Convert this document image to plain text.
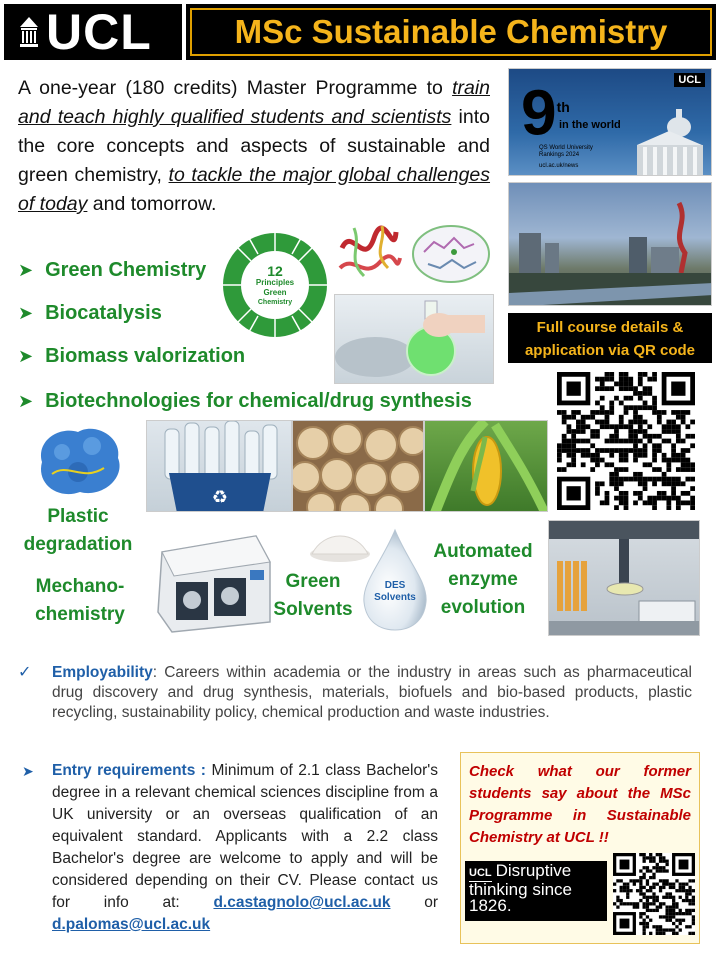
UCL	MSc Sustainable Chemistry
A one-year (180 credits) Master Programme to train and teach highly qualified students and scientists into the core concepts and aspects of sustainable and green chemistry, to tackle the major global challenges of today and tomorrow.
UCL
9th
in the world
QS World University Rankings 2024
ucl.ac.uk/news
Full course details & application via QR code
➤ Green Chemistry
➤ Biocatalysis
➤ Biomass valorization
➤ Biotechnologies for chemical/drug synthesis
12
Principles
Green
Chemistry
♻
Plastic degradation
Mechano-chemistry
Green Solvents
DES Solvents
Automated enzyme evolution
✓	Employability: Careers within academia or the industry in areas such as pharmaceutical drug discovery and drug synthesis, materials, biofuels and bio-based products, plastic recycling, sustainability policy, chemical production and waste industries.
➤	Entry requirements : Minimum of 2.1 class Bachelor's degree in a relevant chemical sciences discipline from a UK university or an overseas qualification of an equivalent standard. Applicants with a 2.2 class Bachelor's degree are welcome to apply and will be considered depending on their CV. Please contact us for info at: d.castagnolo@ucl.ac.uk or d.palomas@ucl.ac.uk
Check what our former students say about the MSc Programme in Sustainable Chemistry at UCL !!
UCL Disruptive thinking since 1826.
